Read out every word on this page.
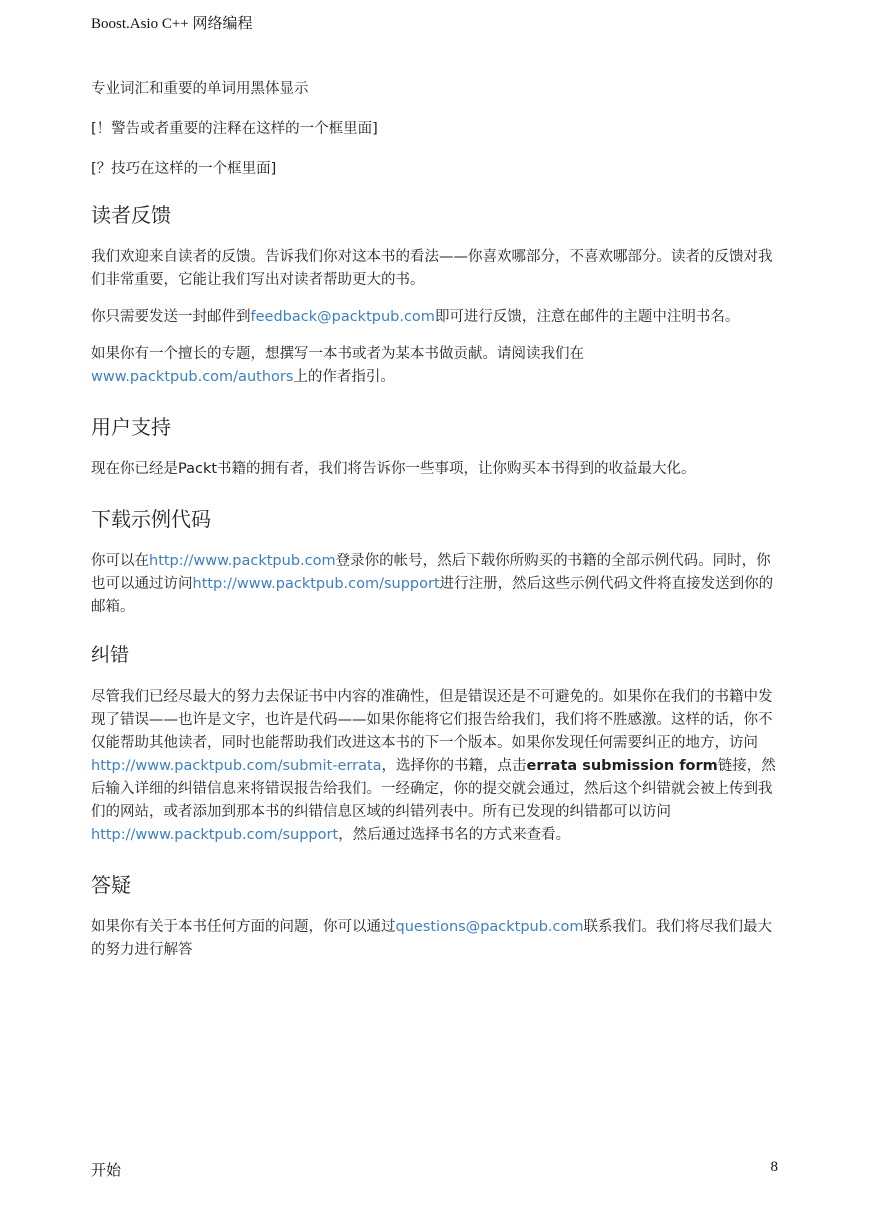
Boost.Asio C++ 网络编程

专业词汇和重要的单词用黑体显示

[！警告或者重要的注释在这样的一个框里面]

[？技巧在这样的一个框里面]

读者反馈

我们欢迎来自读者的反馈。告诉我们你对这本书的看法——你喜欢哪部分，不喜欢哪部分。读者的反馈对我们非常重要，它能让我们写出对读者帮助更大的书。

你只需要发送一封邮件到feedback@packtpub.com即可进行反馈，注意在邮件的主题中注明书名。

如果你有一个擅长的专题，想撰写一本书或者为某本书做贡献。请阅读我们在www.packtpub.com/authors上的作者指引。

用户支持

现在你已经是Packt书籍的拥有者，我们将告诉你一些事项，让你购买本书得到的收益最大化。

下载示例代码

你可以在http://www.packtpub.com登录你的帐号，然后下载你所购买的书籍的全部示例代码。同时，你也可以通过访问http://www.packtpub.com/support进行注册，然后这些示例代码文件将直接发送到你的邮箱。

纠错

尽管我们已经尽最大的努力去保证书中内容的准确性，但是错误还是不可避免的。如果你在我们的书籍中发现了错误——也许是文字，也许是代码——如果你能将它们报告给我们，我们将不胜感激。这样的话，你不仅能帮助其他读者，同时也能帮助我们改进这本书的下一个版本。如果你发现任何需要纠正的地方，访问http://www.packtpub.com/submit-errata，选择你的书籍，点击errata submission form链接，然后输入详细的纠错信息来将错误报告给我们。一经确定，你的提交就会通过，然后这个纠错就会被上传到我们的网站，或者添加到那本书的纠错信息区域的纠错列表中。所有已发现的纠错都可以访问http://www.packtpub.com/support，然后通过选择书名的方式来查看。

答疑

如果你有关于本书任何方面的问题，你可以通过questions@packtpub.com联系我们。我们将尽我们最大的努力进行解答

开始	8
